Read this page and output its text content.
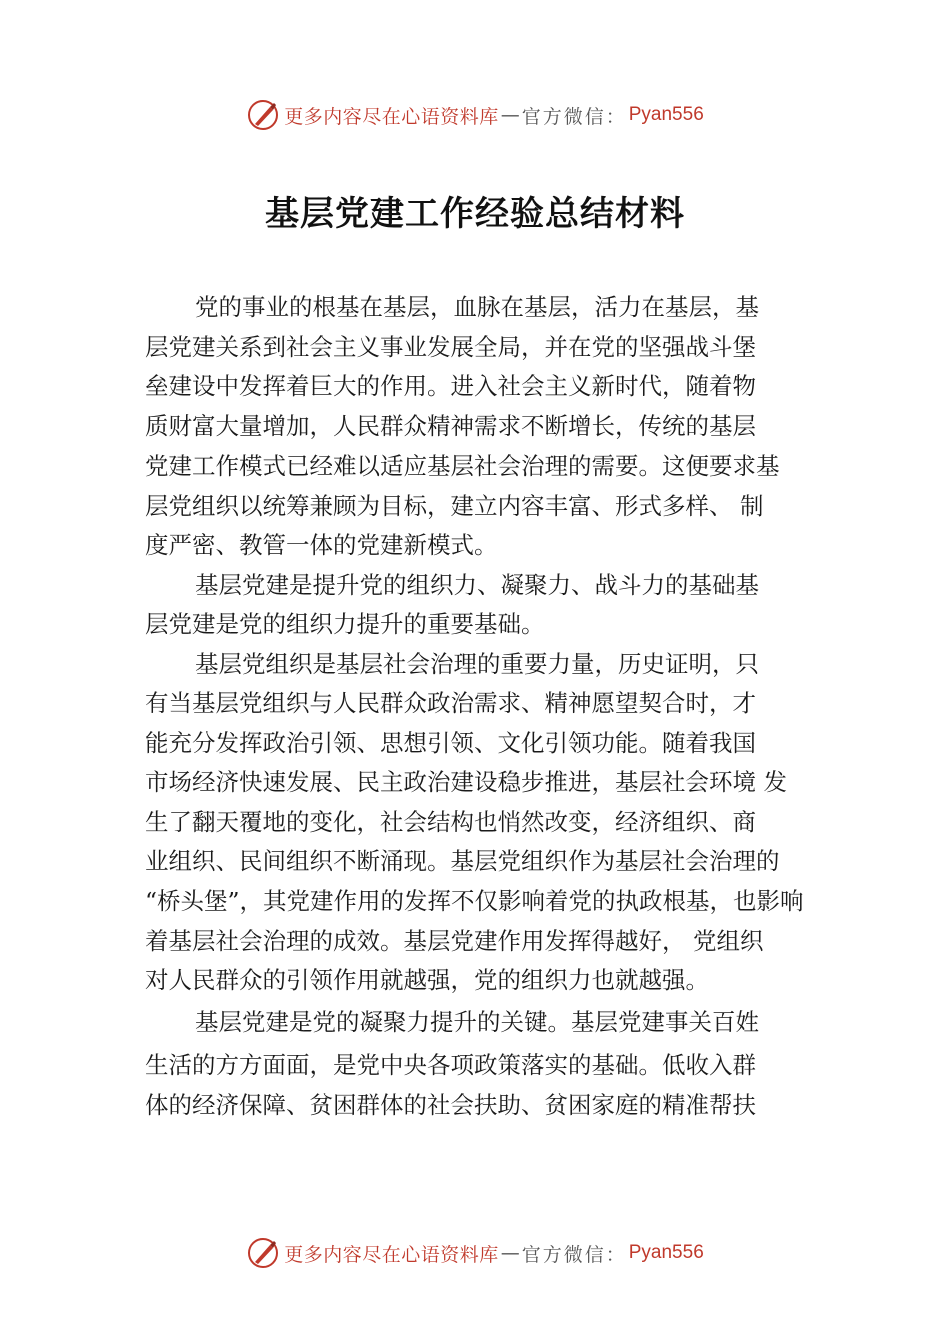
更多内容尽在心语资料库 — 官方微信： Pyan556
基层党建工作经验总结材料
党的事业的根基在基层，血脉在基层，活力在基层，基
层党建关系到社会主义事业发展全局，并在党的坚强战斗堡
垒建设中发挥着巨大的作用。进入社会主义新时代，随着物
质财富大量增加，人民群众精神需求不断增长，传统的基层
党建工作模式已经难以适应基层社会治理的需要。这便要求基
层党组织以统筹兼顾为目标，建立内容丰富、形式多样、 制
度严密、教管一体的党建新模式。
基层党建是提升党的组织力、凝聚力、战斗力的基础基
层党建是党的组织力提升的重要基础。
基层党组织是基层社会治理的重要力量，历史证明，只
有当基层党组织与人民群众政治需求、精神愿望契合时，才
能充分发挥政治引领、思想引领、文化引领功能。随着我国
市场经济快速发展、民主政治建设稳步推进，基层社会环境 发
生了翻天覆地的变化，社会结构也悄然改变，经济组织、商
业组织、民间组织不断涌现。基层党组织作为基层社会治理的
“桥头堡”，其党建作用的发挥不仅影响着党的执政根基，也影响
着基层社会治理的成效。基层党建作用发挥得越好， 党组织
对人民群众的引领作用就越强，党的组织力也就越强。
基层党建是党的凝聚力提升的关键。基层党建事关百姓
生活的方方面面，是党中央各项政策落实的基础。低收入群
体的经济保障、贫困群体的社会扶助、贫困家庭的精准帮扶
更多内容尽在心语资料库 — 官方微信： Pyan556
